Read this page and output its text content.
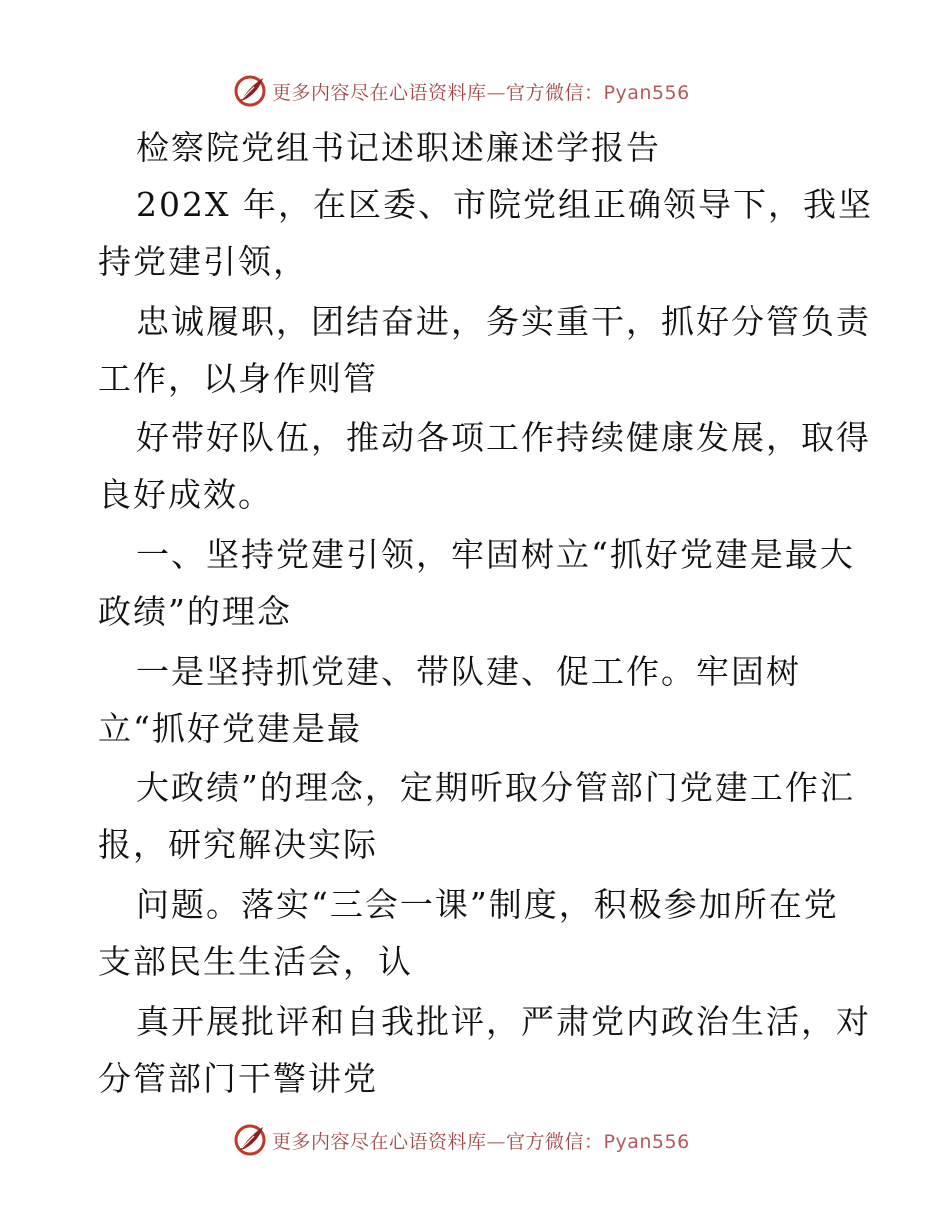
更多内容尽在心语资料库—官方微信：Pyan556

检察院党组书记述职述廉述学报告

202X 年，在区委、市院党组正确领导下，我坚

持党建引领，

忠诚履职，团结奋进，务实重干，抓好分管负责

工作，以身作则管

好带好队伍，推动各项工作持续健康发展，取得

良好成效。

一、坚持党建引领，牢固树立“抓好党建是最大

政绩”的理念

一是坚持抓党建、带队建、促工作。牢固树

立“抓好党建是最

大政绩”的理念，定期听取分管部门党建工作汇

报，研究解决实际

问题。落实“三会一课”制度，积极参加所在党

支部民生生活会，认

真开展批评和自我批评，严肃党内政治生活，对

分管部门干警讲党

更多内容尽在心语资料库—官方微信：Pyan556
